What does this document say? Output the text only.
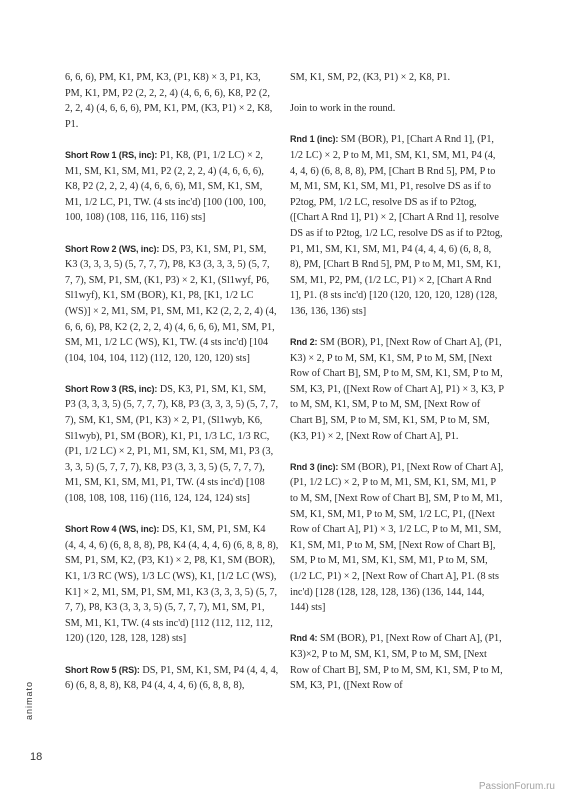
6, 6, 6), PM, K1, PM, K3, (P1, K8) × 3, P1, K3, PM, K1, PM, P2 (2, 2, 2, 4) (4, 6, 6, 6), K8, P2 (2, 2, 2, 4) (4, 6, 6, 6), PM, K1, PM, (K3, P1) × 2, K8, P1.

Short Row 1 (RS, inc): P1, K8, (P1, 1/2 LC) × 2, M1, SM, K1, SM, M1, P2 (2, 2, 2, 4) (4, 6, 6, 6), K8, P2 (2, 2, 2, 4) (4, 6, 6, 6), M1, SM, K1, SM, M1, 1/2 LC, P1, TW. (4 sts inc'd) [100 (100, 100, 100, 108) (108, 116, 116, 116) sts]

Short Row 2 (WS, inc): DS, P3, K1, SM, P1, SM, K3 (3, 3, 3, 5) (5, 7, 7, 7), P8, K3 (3, 3, 3, 5) (5, 7, 7, 7), SM, P1, SM, (K1, P3) × 2, K1, (Sl1wyf, P6, Sl1wyf), K1, SM (BOR), K1, P8, [K1, 1/2 LC (WS)] × 2, M1, SM, P1, SM, M1, K2 (2, 2, 2, 4) (4, 6, 6, 6), P8, K2 (2, 2, 2, 4) (4, 6, 6, 6), M1, SM, P1, SM, M1, 1/2 LC (WS), K1, TW. (4 sts inc'd) [104 (104, 104, 104, 112) (112, 120, 120, 120) sts]

Short Row 3 (RS, inc): DS, K3, P1, SM, K1, SM, P3 (3, 3, 3, 5) (5, 7, 7, 7), K8, P3 (3, 3, 3, 5) (5, 7, 7, 7), SM, K1, SM, (P1, K3) × 2, P1, (Sl1wyb, K6, Sl1wyb), P1, SM (BOR), K1, P1, 1/3 LC, 1/3 RC, (P1, 1/2 LC) × 2, P1, M1, SM, K1, SM, M1, P3 (3, 3, 3, 5) (5, 7, 7, 7), K8, P3 (3, 3, 3, 5) (5, 7, 7, 7), M1, SM, K1, SM, M1, P1, TW. (4 sts inc'd) [108 (108, 108, 108, 116) (116, 124, 124, 124) sts]

Short Row 4 (WS, inc): DS, K1, SM, P1, SM, K4 (4, 4, 4, 6) (6, 8, 8, 8), P8, K4 (4, 4, 4, 6) (6, 8, 8, 8), SM, P1, SM, K2, (P3, K1) × 2, P8, K1, SM (BOR), K1, 1/3 RC (WS), 1/3 LC (WS), K1, [1/2 LC (WS), K1] × 2, M1, SM, P1, SM, M1, K3 (3, 3, 3, 5) (5, 7, 7, 7), P8, K3 (3, 3, 3, 5) (5, 7, 7, 7), M1, SM, P1, SM, M1, K1, TW. (4 sts inc'd) [112 (112, 112, 112, 120) (120, 128, 128, 128) sts]

Short Row 5 (RS): DS, P1, SM, K1, SM, P4 (4, 4, 4, 6) (6, 8, 8, 8), K8, P4 (4, 4, 4, 6) (6, 8, 8, 8),

SM, K1, SM, P2, (K3, P1) × 2, K8, P1.

Join to work in the round.

Rnd 1 (inc): SM (BOR), P1, [Chart A Rnd 1], (P1, 1/2 LC) × 2, P to M, M1, SM, K1, SM, M1, P4 (4, 4, 4, 6) (6, 8, 8, 8), PM, [Chart B Rnd 5], PM, P to M, M1, SM, K1, SM, M1, P1, resolve DS as if to P2tog, PM, 1/2 LC, resolve DS as if to P2tog, ([Chart A Rnd 1], P1) × 2, [Chart A Rnd 1], resolve DS as if to P2tog, 1/2 LC, resolve DS as if to P2tog, P1, M1, SM, K1, SM, M1, P4 (4, 4, 4, 6) (6, 8, 8, 8), PM, [Chart B Rnd 5], PM, P to M, M1, SM, K1, SM, M1, P2, PM, (1/2 LC, P1) × 2, [Chart A Rnd 1], P1. (8 sts inc'd) [120 (120, 120, 120, 128) (128, 136, 136, 136) sts]

Rnd 2: SM (BOR), P1, [Next Row of Chart A], (P1, K3) × 2, P to M, SM, K1, SM, P to M, SM, [Next Row of Chart B], SM, P to M, SM, K1, SM, P to M, SM, K3, P1, ([Next Row of Chart A], P1) × 3, K3, P to M, SM, K1, SM, P to M, SM, [Next Row of Chart B], SM, P to M, SM, K1, SM, P to M, SM, (K3, P1) × 2, [Next Row of Chart A], P1.

Rnd 3 (inc): SM (BOR), P1, [Next Row of Chart A], (P1, 1/2 LC) × 2, P to M, M1, SM, K1, SM, M1, P to M, SM, [Next Row of Chart B], SM, P to M, M1, SM, K1, SM, M1, P to M, SM, 1/2 LC, P1, ([Next Row of Chart A], P1) × 3, 1/2 LC, P to M, M1, SM, K1, SM, M1, P to M, SM, [Next Row of Chart B], SM, P to M, M1, SM, K1, SM, M1, P to M, SM, (1/2 LC, P1) × 2, [Next Row of Chart A], P1. (8 sts inc'd) [128 (128, 128, 128, 136) (136, 144, 144, 144) sts]

Rnd 4: SM (BOR), P1, [Next Row of Chart A], (P1, K3)×2, P to M, SM, K1, SM, P to M, SM, [Next Row of Chart B], SM, P to M, SM, K1, SM, P to M, SM, K3, P1, ([Next Row of

animato
18
PassionForum.ru
